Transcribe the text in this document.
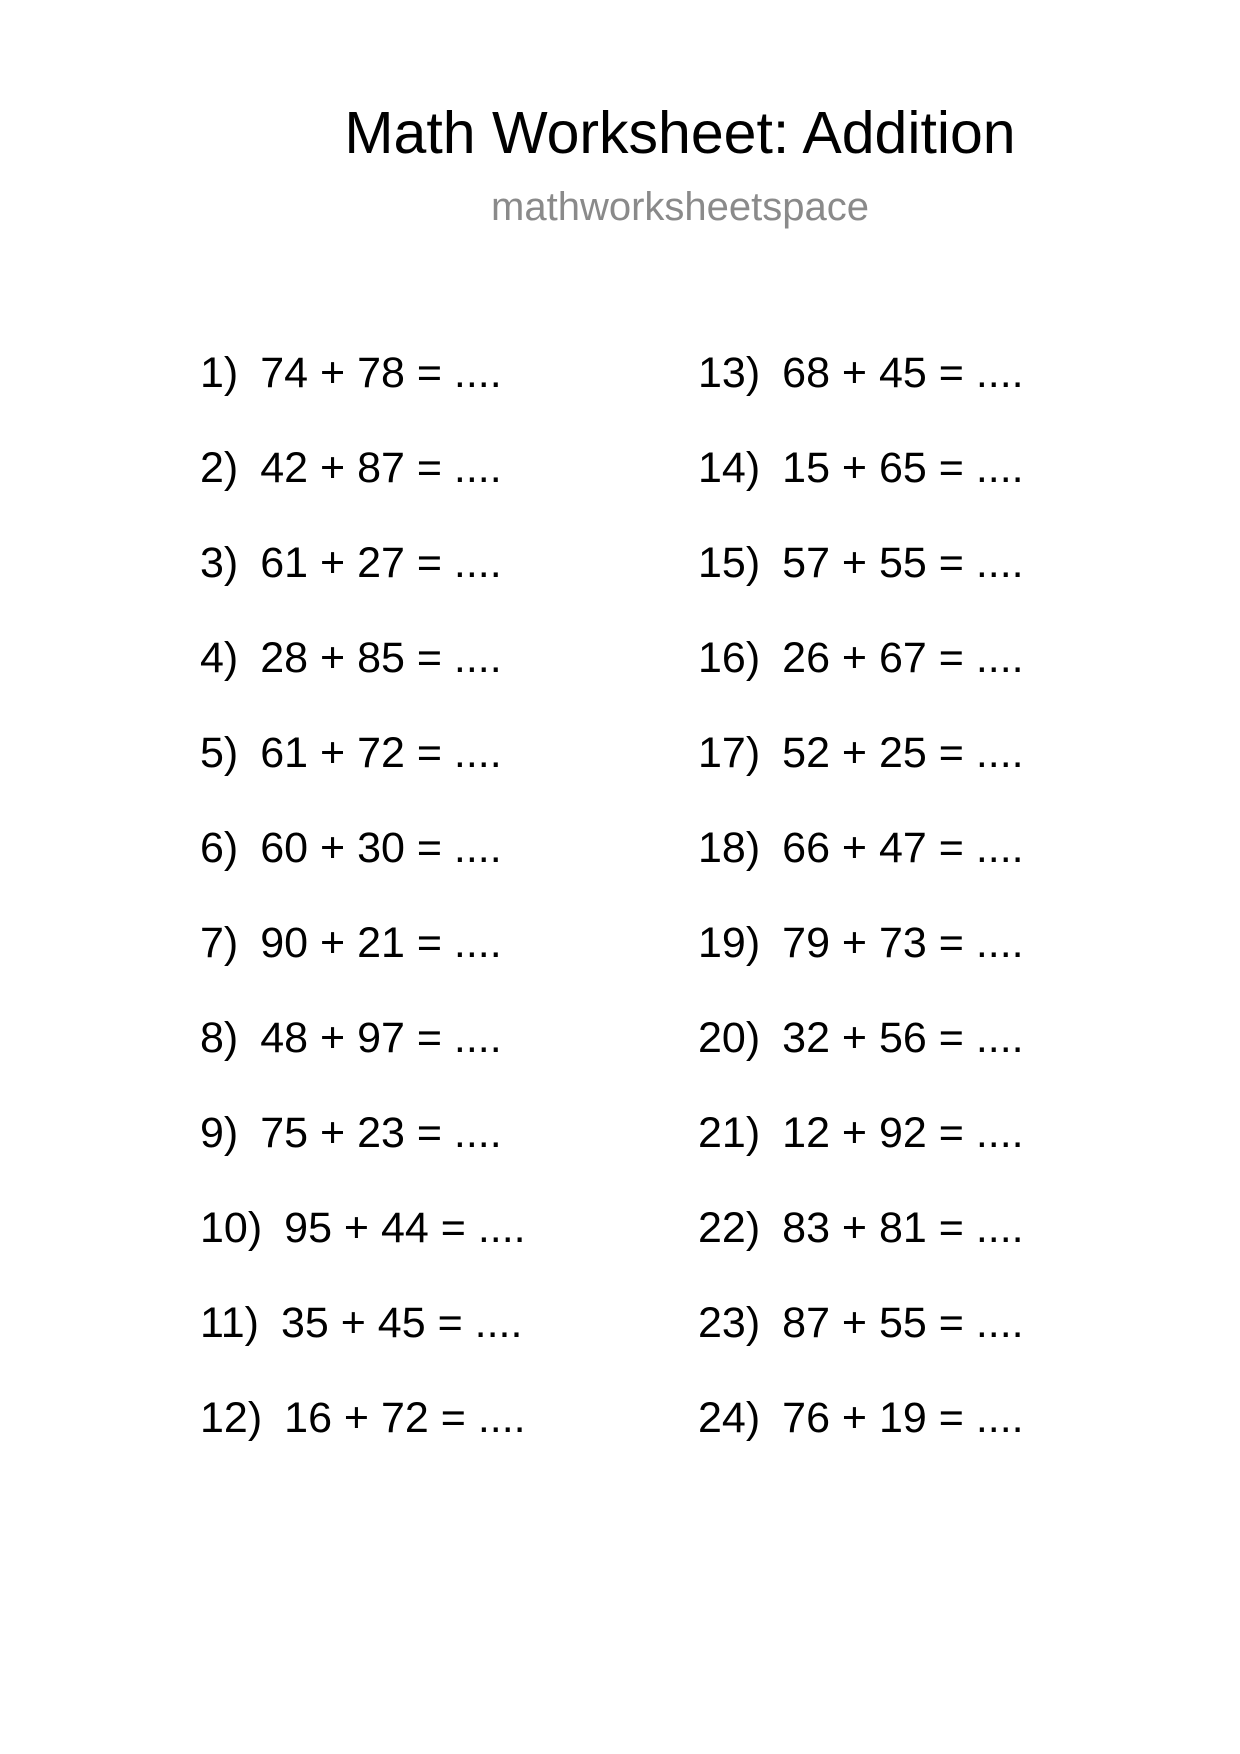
Math Worksheet: Addition
mathworksheetspace
1) 74 + 78 = ....
2) 42 + 87 = ....
3) 61 + 27 = ....
4) 28 + 85 = ....
5) 61 + 72 = ....
6) 60 + 30 = ....
7) 90 + 21 = ....
8) 48 + 97 = ....
9) 75 + 23 = ....
10) 95 + 44 = ....
11) 35 + 45 = ....
12) 16 + 72 = ....
13) 68 + 45 = ....
14) 15 + 65 = ....
15) 57 + 55 = ....
16) 26 + 67 = ....
17) 52 + 25 = ....
18) 66 + 47 = ....
19) 79 + 73 = ....
20) 32 + 56 = ....
21) 12 + 92 = ....
22) 83 + 81 = ....
23) 87 + 55 = ....
24) 76 + 19 = ....
